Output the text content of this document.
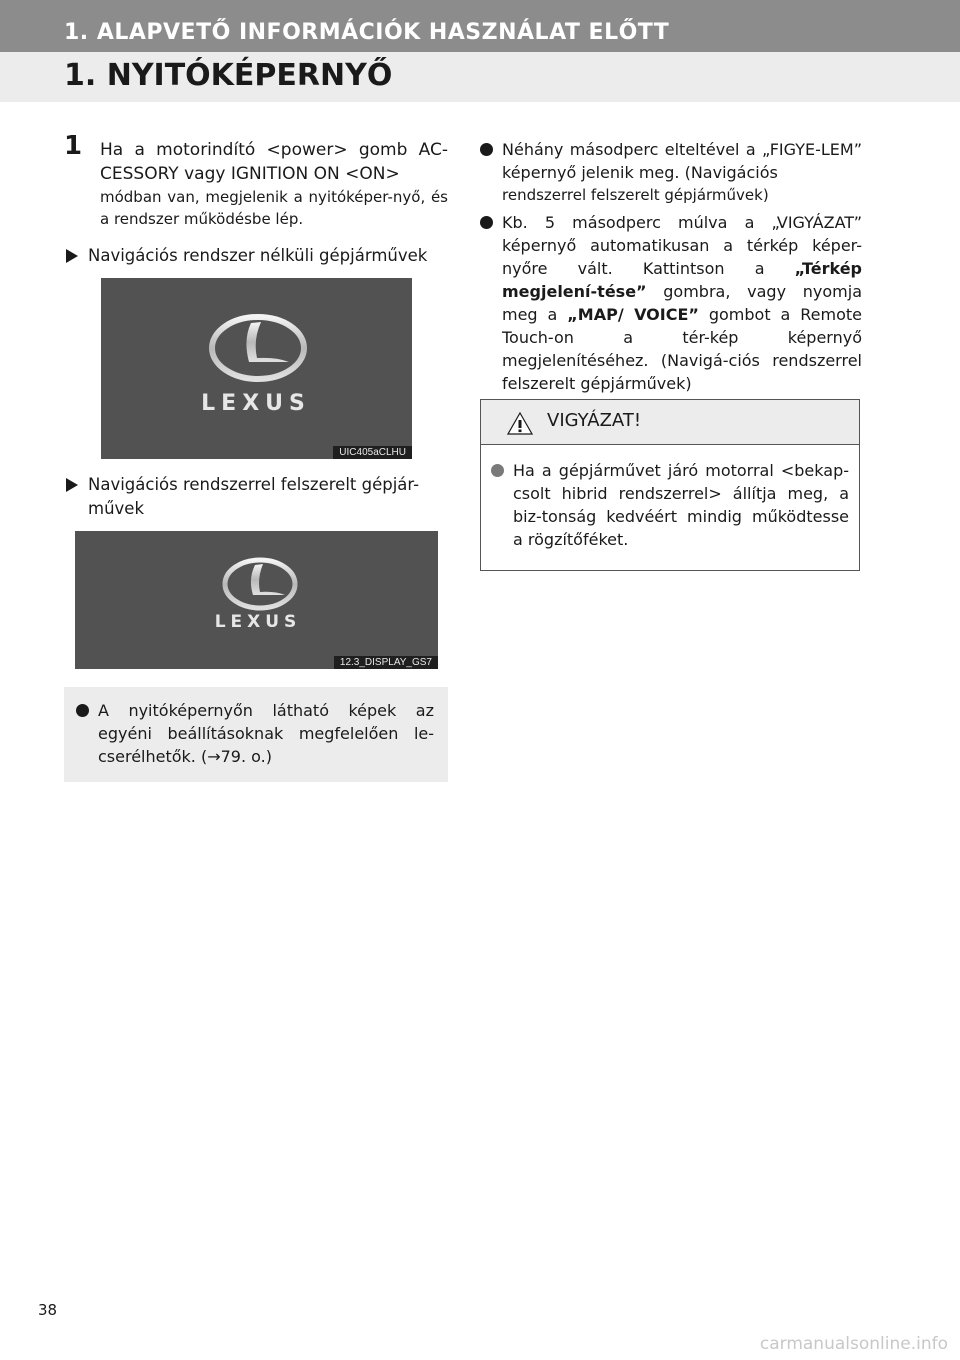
1. ALAPVETŐ INFORMÁCIÓK HASZNÁLAT ELŐTT
1. NYITÓKÉPERNYŐ
1 Ha a motorindító <power> gomb AC-CESSORY vagy IGNITION ON <ON>
módban van, megjelenik a nyitóképer-nyő, és a rendszer működésbe lép.
Navigációs rendszer nélküli gépjárművek
LEXUS
UIC405aCLHU
Navigációs rendszerrel felszerelt gépjár-művek
LEXUS
12.3_DISPLAY_GS7
A nyitóképernyőn látható képek az egyéni beállításoknak megfelelően le-cserélhetők. (→79. o.)
Néhány másodperc elteltével a „FIGYE-LEM” képernyő jelenik meg. (Navigációs
rendszerrel felszerelt gépjárművek)
Kb. 5 másodperc múlva a „VIGYÁZAT” képernyő automatikusan a térkép képer-nyőre vált. Kattintson a „Térkép megjelení-tése” gombra, vagy nyomja meg a „MAP/ VOICE” gombot a Remote Touch-on a tér-kép képernyő megjelenítéséhez. (Navigá-ciós rendszerrel felszerelt gépjárművek)
VIGYÁZAT!
Ha a gépjárművet járó motorral <bekap-csolt hibrid rendszerrel> állítja meg, a biz-tonság kedvéért mindig működtesse a rögzítőféket.
38
carmanualsonline.info
